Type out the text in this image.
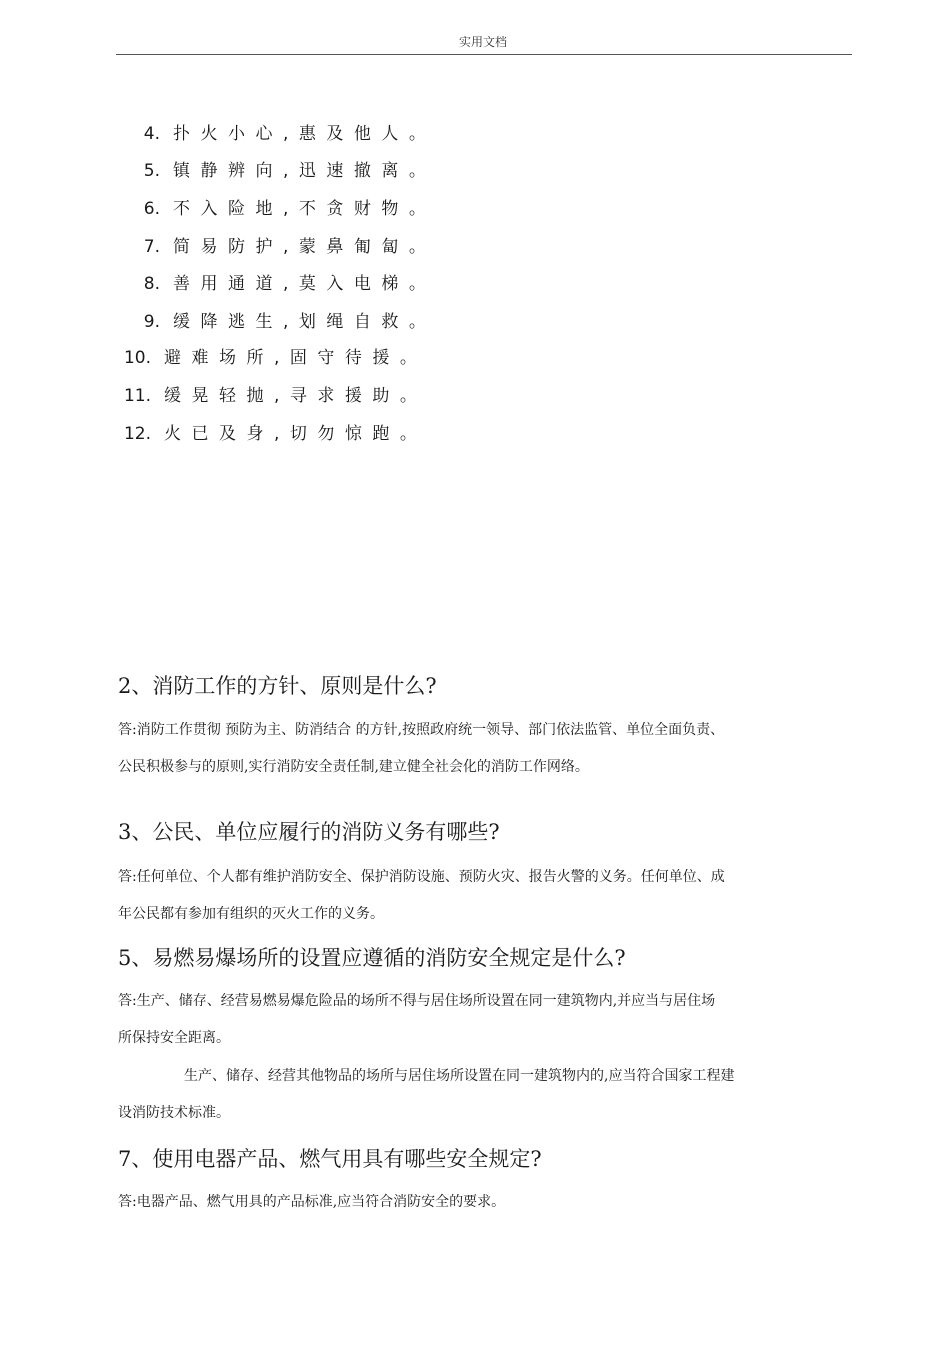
实用文档
4. 扑火小心,惠及他人。
5. 镇静辨向,迅速撤离。
6. 不入险地,不贪财物。
7. 简易防护,蒙鼻匍匐。
8. 善用通道,莫入电梯。
9. 缓降逃生,划绳自救。
10. 避难场所,固守待援。
11. 缓晃轻抛,寻求援助。
12. 火已及身,切勿惊跑。
2、消防工作的方针、原则是什么?
答:消防工作贯彻 预防为主、防消结合 的方针,按照政府统一领导、部门依法监管、单位全面负责、
公民积极参与的原则,实行消防安全责任制,建立健全社会化的消防工作网络。
3、公民、单位应履行的消防义务有哪些?
答:任何单位、个人都有维护消防安全、保护消防设施、预防火灾、报告火警的义务。任何单位、成
年公民都有参加有组织的灭火工作的义务。
5、易燃易爆场所的设置应遵循的消防安全规定是什么?
答:生产、储存、经营易燃易爆危险品的场所不得与居住场所设置在同一建筑物内,并应当与居住场
所保持安全距离。
生产、储存、经营其他物品的场所与居住场所设置在同一建筑物内的,应当符合国家工程建
设消防技术标准。
7、使用电器产品、燃气用具有哪些安全规定?
答:电器产品、燃气用具的产品标准,应当符合消防安全的要求。
